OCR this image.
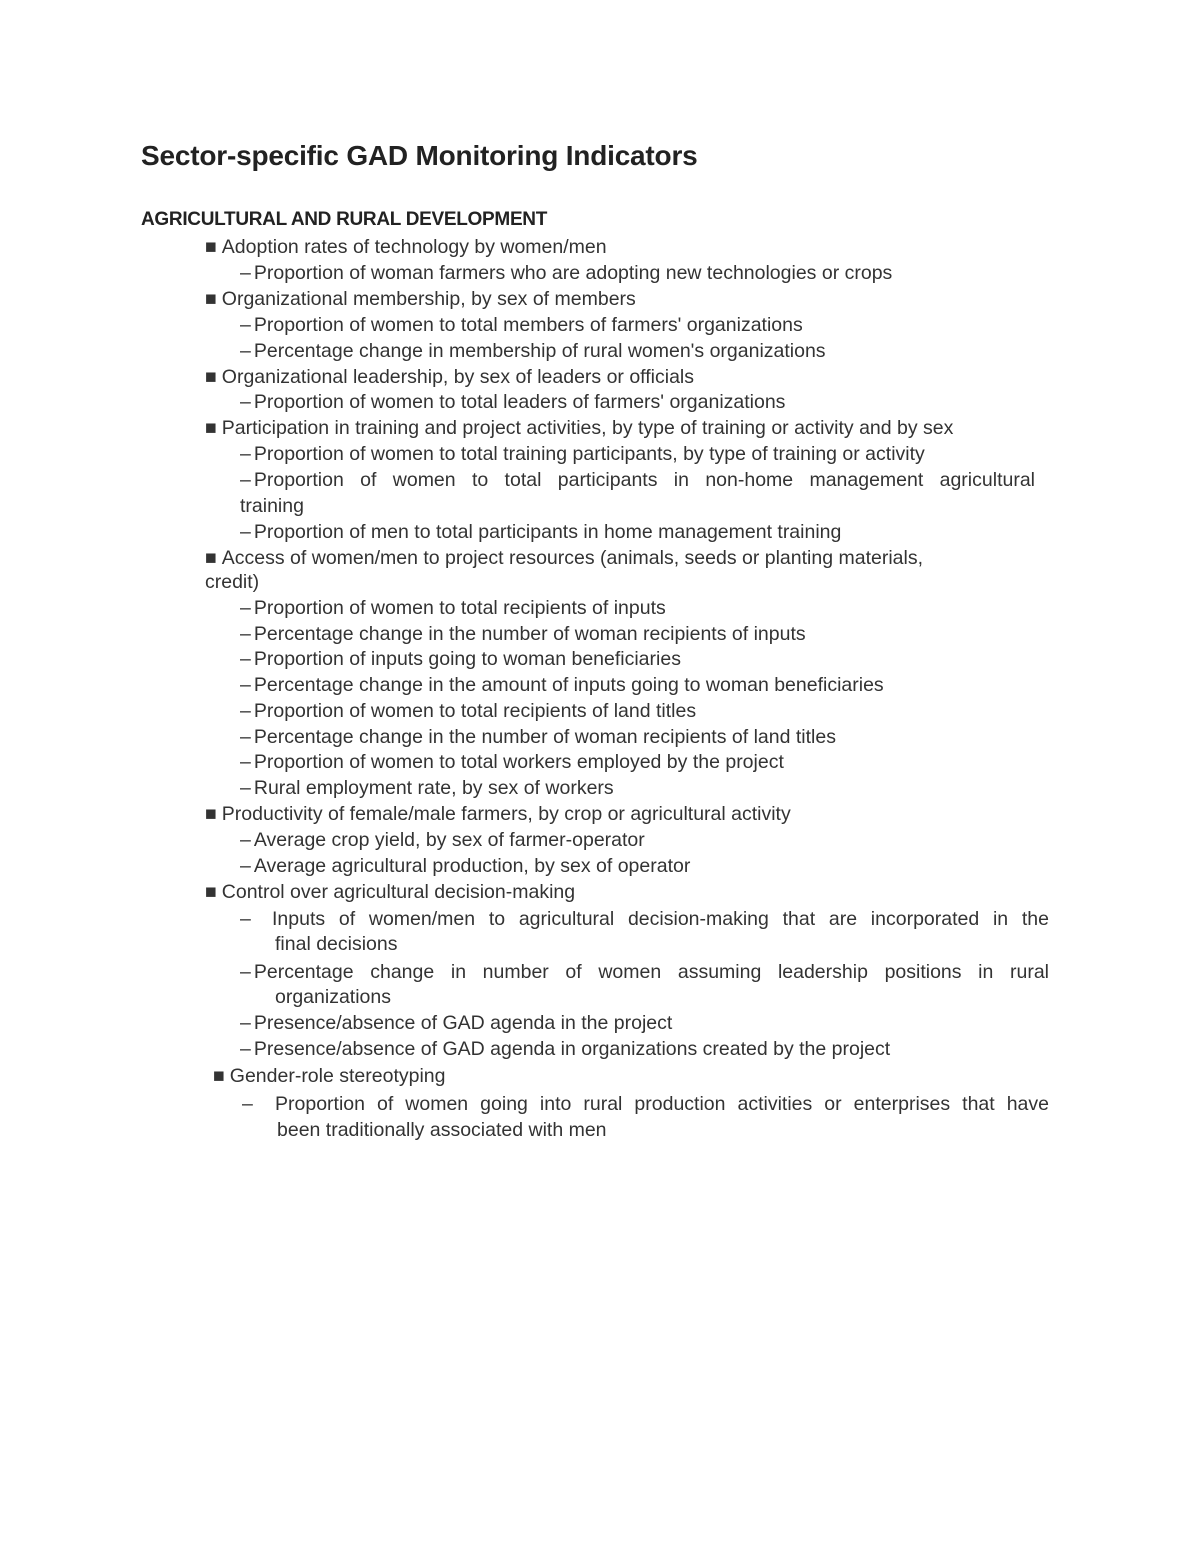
Sector-specific GAD Monitoring Indicators
AGRICULTURAL AND RURAL DEVELOPMENT
■ Adoption rates of technology by women/men
– Proportion of woman farmers who are adopting new technologies or crops
■ Organizational membership, by sex of members
– Proportion of women to total members of farmers' organizations
– Percentage change in membership of rural women's organizations
■ Organizational leadership, by sex of leaders or officials
– Proportion of women to total leaders of farmers' organizations
■ Participation in training and project activities, by type of training or activity and by sex
– Proportion of women to total training participants, by type of training or activity
– Proportion of women to total participants in non-home management agricultural
training
– Proportion of men to total participants in home management training
■ Access of women/men to project resources (animals, seeds or planting materials,
credit)
– Proportion of women to total recipients of inputs
– Percentage change in the number of woman recipients of inputs
– Proportion of inputs going to woman beneficiaries
– Percentage change in the amount of inputs going to woman beneficiaries
– Proportion of women to total recipients of land titles
– Percentage change in the number of woman recipients of land titles
– Proportion of women to total workers employed by the project
– Rural employment rate, by sex of workers
■ Productivity of female/male farmers, by crop or agricultural activity
– Average crop yield, by sex of farmer-operator
– Average agricultural production, by sex of operator
■ Control over agricultural decision-making
– Inputs of women/men to agricultural decision-making that are incorporated in the
final decisions
– Percentage change in number of women assuming leadership positions in rural
organizations
– Presence/absence of GAD agenda in the project
– Presence/absence of GAD agenda in organizations created by the project
■ Gender-role stereotyping
– Proportion of women going into rural production activities or enterprises that have
been traditionally associated with men
